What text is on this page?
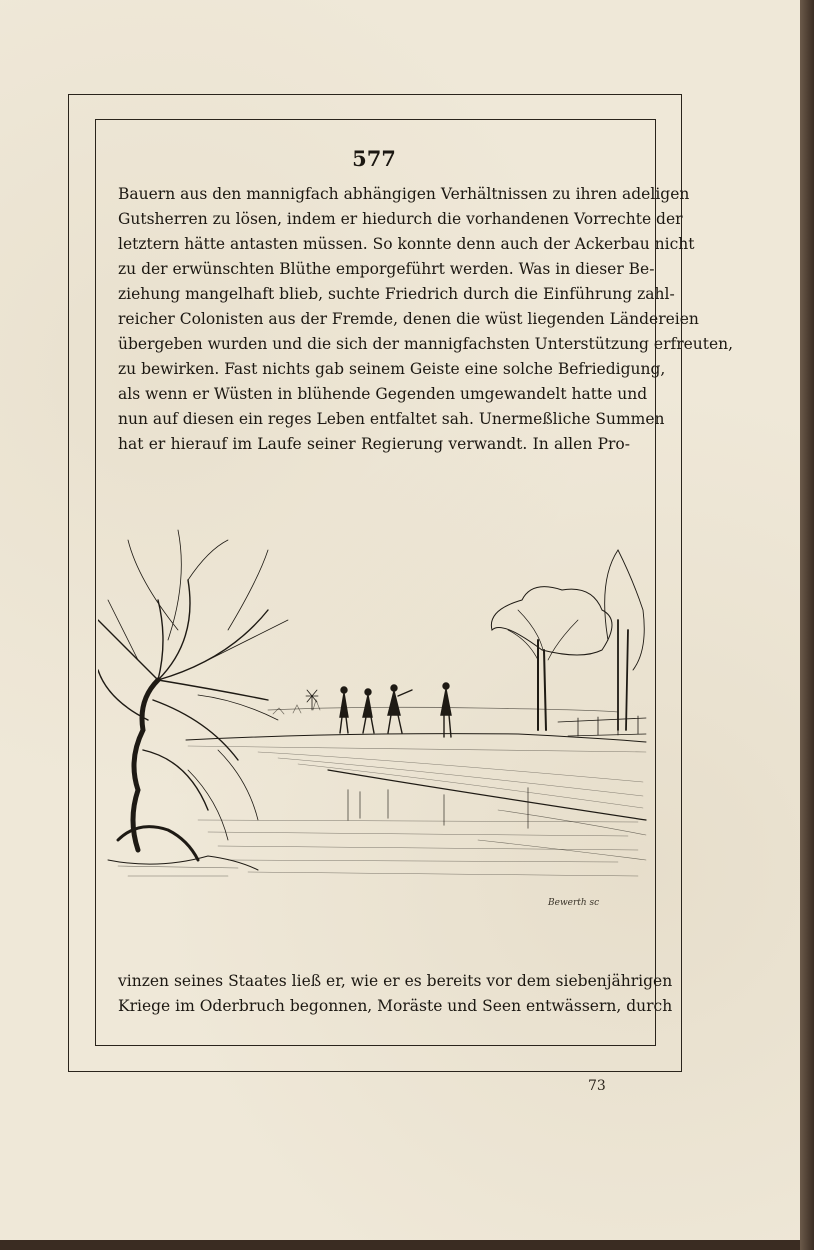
577
Bauern aus den mannigfach abhängigen Verhältnissen zu ihren adeligen
Gutsherren zu lösen, indem er hiedurch die vorhandenen Vorrechte der
letztern hätte antasten müssen. So konnte denn auch der Ackerbau nicht
zu der erwünschten Blüthe emporgeführt werden. Was in dieser Be-
ziehung mangelhaft blieb, suchte Friedrich durch die Einführung zahl-
reicher Colonisten aus der Fremde, denen die wüst liegenden Ländereien
übergeben wurden und die sich der mannigfachsten Unterstützung erfreuten,
zu bewirken. Fast nichts gab seinem Geiste eine solche Befriedigung,
als wenn er Wüsten in blühende Gegenden umgewandelt hatte und
nun auf diesen ein reges Leben entfaltet sah. Unermeßliche Summen
hat er hierauf im Laufe seiner Regierung verwandt. In allen Pro-
Bewerth sc
vinzen seines Staates ließ er, wie er es bereits vor dem siebenjährigen
Kriege im Oderbruch begonnen, Moräste und Seen entwässern, durch
73
